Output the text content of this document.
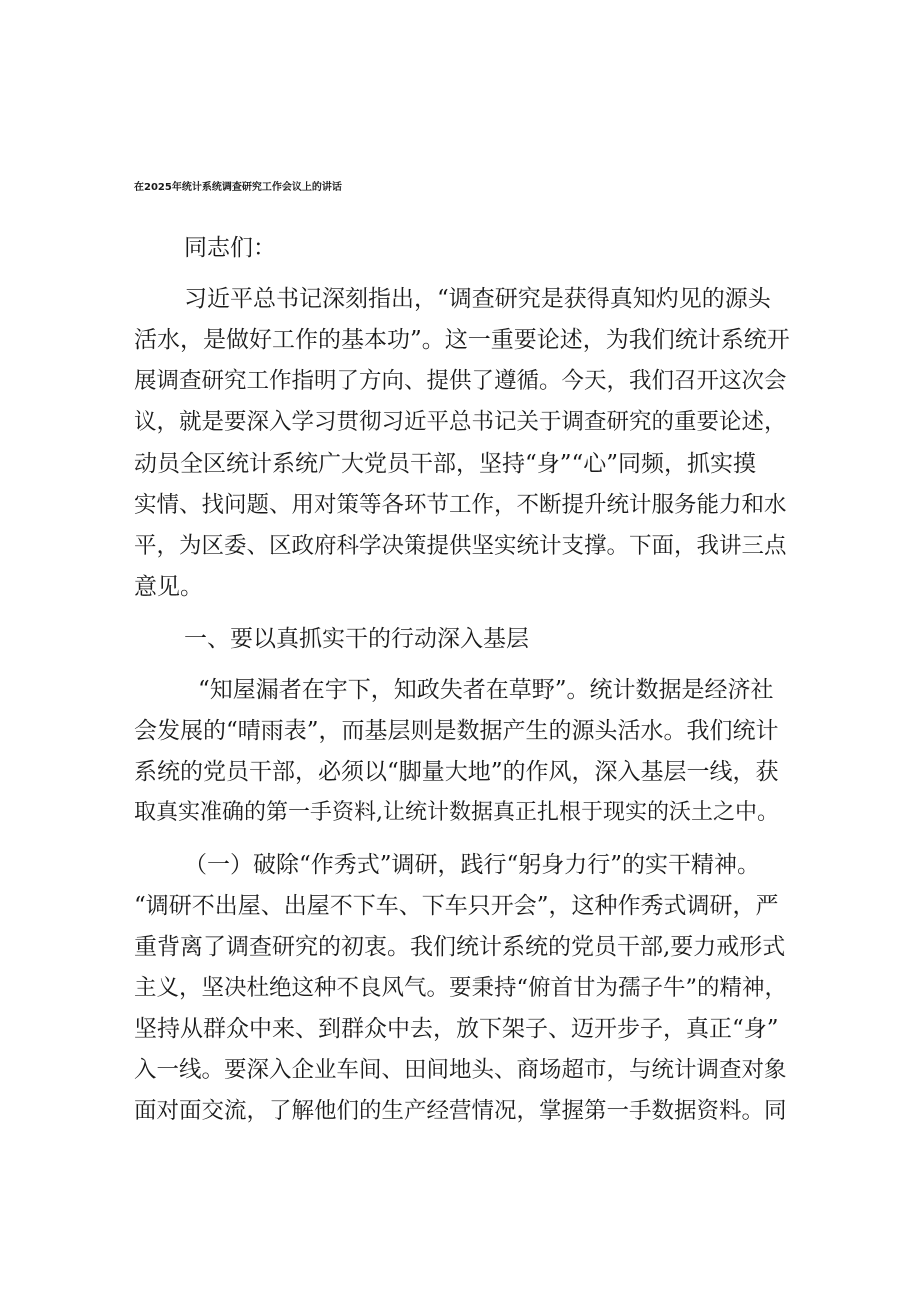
在2025年统计系统调查研究工作会议上的讲话
同志们：
习近平总书记深刻指出，“调查研究是获得真知灼见的源头
活水，是做好工作的基本功”。这一重要论述，为我们统计系统开
展调查研究工作指明了方向、提供了遵循。今天，我们召开这次会
议，就是要深入学习贯彻习近平总书记关于调查研究的重要论述，
动员全区统计系统广大党员干部，坚持“身”“心”同频，抓实摸
实情、找问题、用对策等各环节工作，不断提升统计服务能力和水
平，为区委、区政府科学决策提供坚实统计支撑。下面，我讲三点
意见。
一、要以真抓实干的行动深入基层
“知屋漏者在宇下，知政失者在草野”。统计数据是经济社
会发展的“晴雨表”，而基层则是数据产生的源头活水。我们统计
系统的党员干部，必须以“脚量大地”的作风，深入基层一线，获
取真实准确的第一手资料,让统计数据真正扎根于现实的沃土之中。
（一）破除“作秀式”调研，践行“躬身力行”的实干精神。
“调研不出屋、出屋不下车、下车只开会”，这种作秀式调研，严
重背离了调查研究的初衷。我们统计系统的党员干部,要力戒形式
主义，坚决杜绝这种不良风气。要秉持“俯首甘为孺子牛”的精神，
坚持从群众中来、到群众中去，放下架子、迈开步子，真正“身”
入一线。要深入企业车间、田间地头、商场超市，与统计调查对象
面对面交流，了解他们的生产经营情况，掌握第一手数据资料。同
